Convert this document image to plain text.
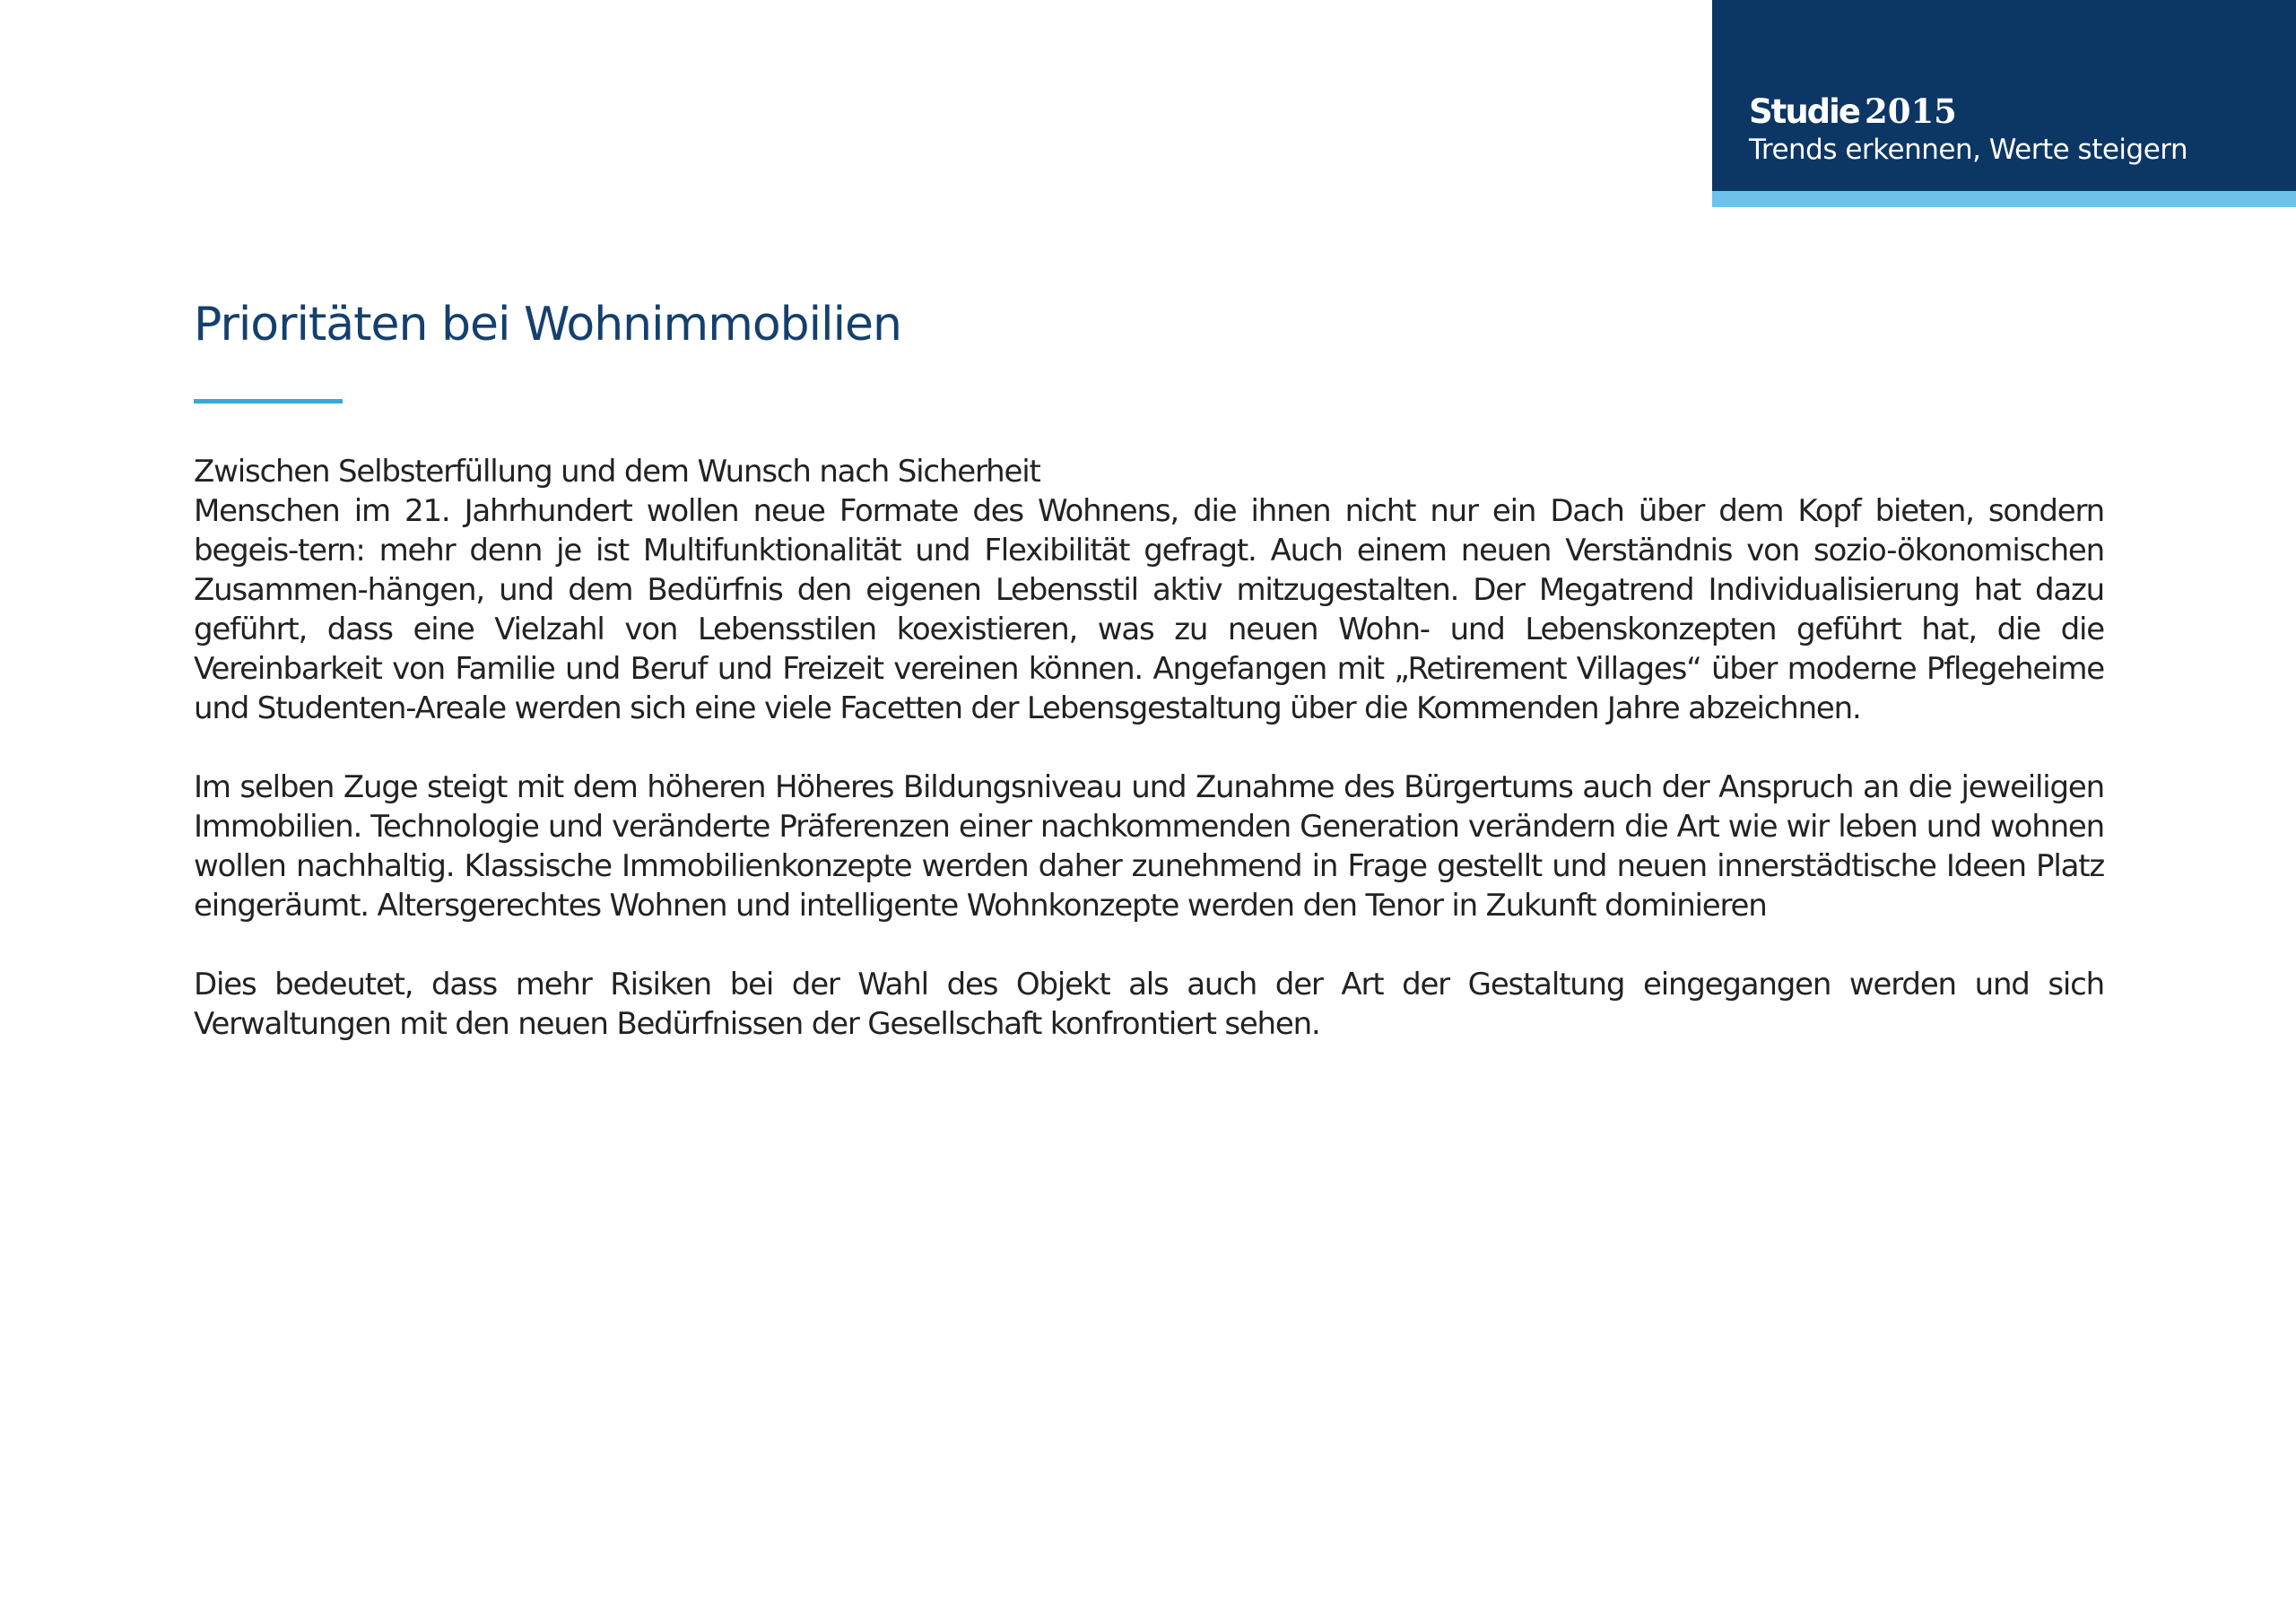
Studie 2015
Trends erkennen, Werte steigern
Prioritäten bei Wohnimmobilien

Zwischen Selbsterfüllung und dem Wunsch nach Sicherheit

Menschen im 21. Jahrhundert wollen neue Formate des Wohnens, die ihnen nicht nur ein Dach über dem Kopf bieten, sondern begeis-tern: mehr denn je ist Multifunktionalität und Flexibilität gefragt. Auch einem neuen Verständnis von sozio-ökonomischen Zusammen-hängen, und dem Bedürfnis den eigenen Lebensstil aktiv mitzugestalten. Der Megatrend Individualisierung hat dazu geführt, dass eine Vielzahl von Lebensstilen koexistieren, was zu neuen Wohn- und Lebenskonzepten geführt hat, die die Vereinbarkeit von Familie und Beruf und Freizeit vereinen können. Angefangen mit „Retirement Villages“ über moderne Pflegeheime und Studenten-Areale werden sich eine viele Facetten der Lebensgestaltung über die Kommenden Jahre abzeichnen.

Im selben Zuge steigt mit dem höheren Höheres Bildungsniveau und Zunahme des Bürgertums auch der Anspruch an die jeweiligen Immobilien. Technologie und veränderte Präferenzen einer nachkommenden Generation verändern die Art wie wir leben und wohnen wollen nachhaltig. Klassische Immobilienkonzepte werden daher zunehmend in Frage gestellt und neuen innerstädtische Ideen Platz eingeräumt. Altersgerechtes Wohnen und intelligente Wohnkonzepte werden den Tenor in Zukunft dominieren

Dies bedeutet, dass mehr Risiken bei der Wahl des Objekt als auch der Art der Gestaltung eingegangen werden und sich Verwaltungen mit den neuen Bedürfnissen der Gesellschaft konfrontiert sehen.
